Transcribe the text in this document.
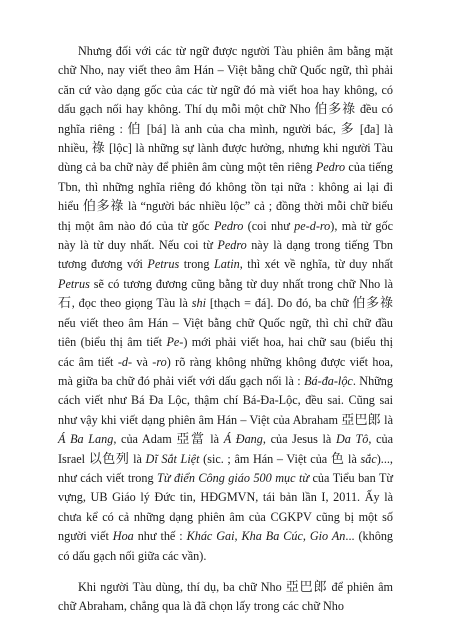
Nhưng đối với các từ ngữ được người Tàu phiên âm bằng mặt chữ Nho, nay viết theo âm Hán – Việt bằng chữ Quốc ngữ, thì phải căn cứ vào dạng gốc của các từ ngữ đó mà viết hoa hay không, có dấu gạch nối hay không. Thí dụ mỗi một chữ Nho 伯多祿 đều có nghĩa riêng : 伯 [bá] là anh của cha mình, người bác, 多 [đa] là nhiều, 祿 [lộc] là những sự lành được hưởng, nhưng khi người Tàu dùng cả ba chữ này để phiên âm cùng một tên riêng Pedro của tiếng Tbn, thì những nghĩa riêng đó không tồn tại nữa : không ai lại đi hiểu 伯多祿 là “người bác nhiều lộc” cả ; đồng thời mỗi chữ biểu thị một âm nào đó của từ gốc Pedro (coi như pe-d-ro), mà từ gốc này là từ duy nhất. Nếu coi từ Pedro này là dạng trong tiếng Tbn tương đương với Petrus trong Latin, thì xét về nghĩa, từ duy nhất Petrus sẽ có tương đương cũng bằng từ duy nhất trong chữ Nho là 石, đọc theo giọng Tàu là shi [thạch = đá]. Do đó, ba chữ 伯多祿 nếu viết theo âm Hán – Việt bằng chữ Quốc ngữ, thì chỉ chữ đầu tiên (biểu thị âm tiết Pe-) mới phải viết hoa, hai chữ sau (biểu thị các âm tiết -d- và -ro) rõ ràng không những không được viết hoa, mà giữa ba chữ đó phải viết với dấu gạch nối là : Bá-đa-lộc. Những cách viết như Bá Đa Lộc, thậm chí Bá-Đa-Lộc, đều sai. Cũng sai như vậy khi viết dạng phiên âm Hán – Việt của Abraham 亞巴郎 là Á Ba Lang, của Adam 亞當 là Á Đang, của Jesus là Da Tô, của Israel 以色列 là Dĩ Sắt Liệt (sic. ; âm Hán – Việt của 色 là sắc)..., như cách viết trong Từ điển Công giáo 500 mục từ của Tiểu ban Từ vựng, UB Giáo lý Đức tin, HĐGMVN, tái bản lần I, 2011. Ấy là chưa kể có cả những dạng phiên âm của CGKPV cũng bị một số người viết Hoa như thế : Khác Gai, Kha Ba Cúc, Gio An... (không có dấu gạch nối giữa các vần).

Khi người Tàu dùng, thí dụ, ba chữ Nho 亞巴郎 để phiên âm chữ Abraham, chẳng qua là đã chọn lấy trong các chữ Nho
